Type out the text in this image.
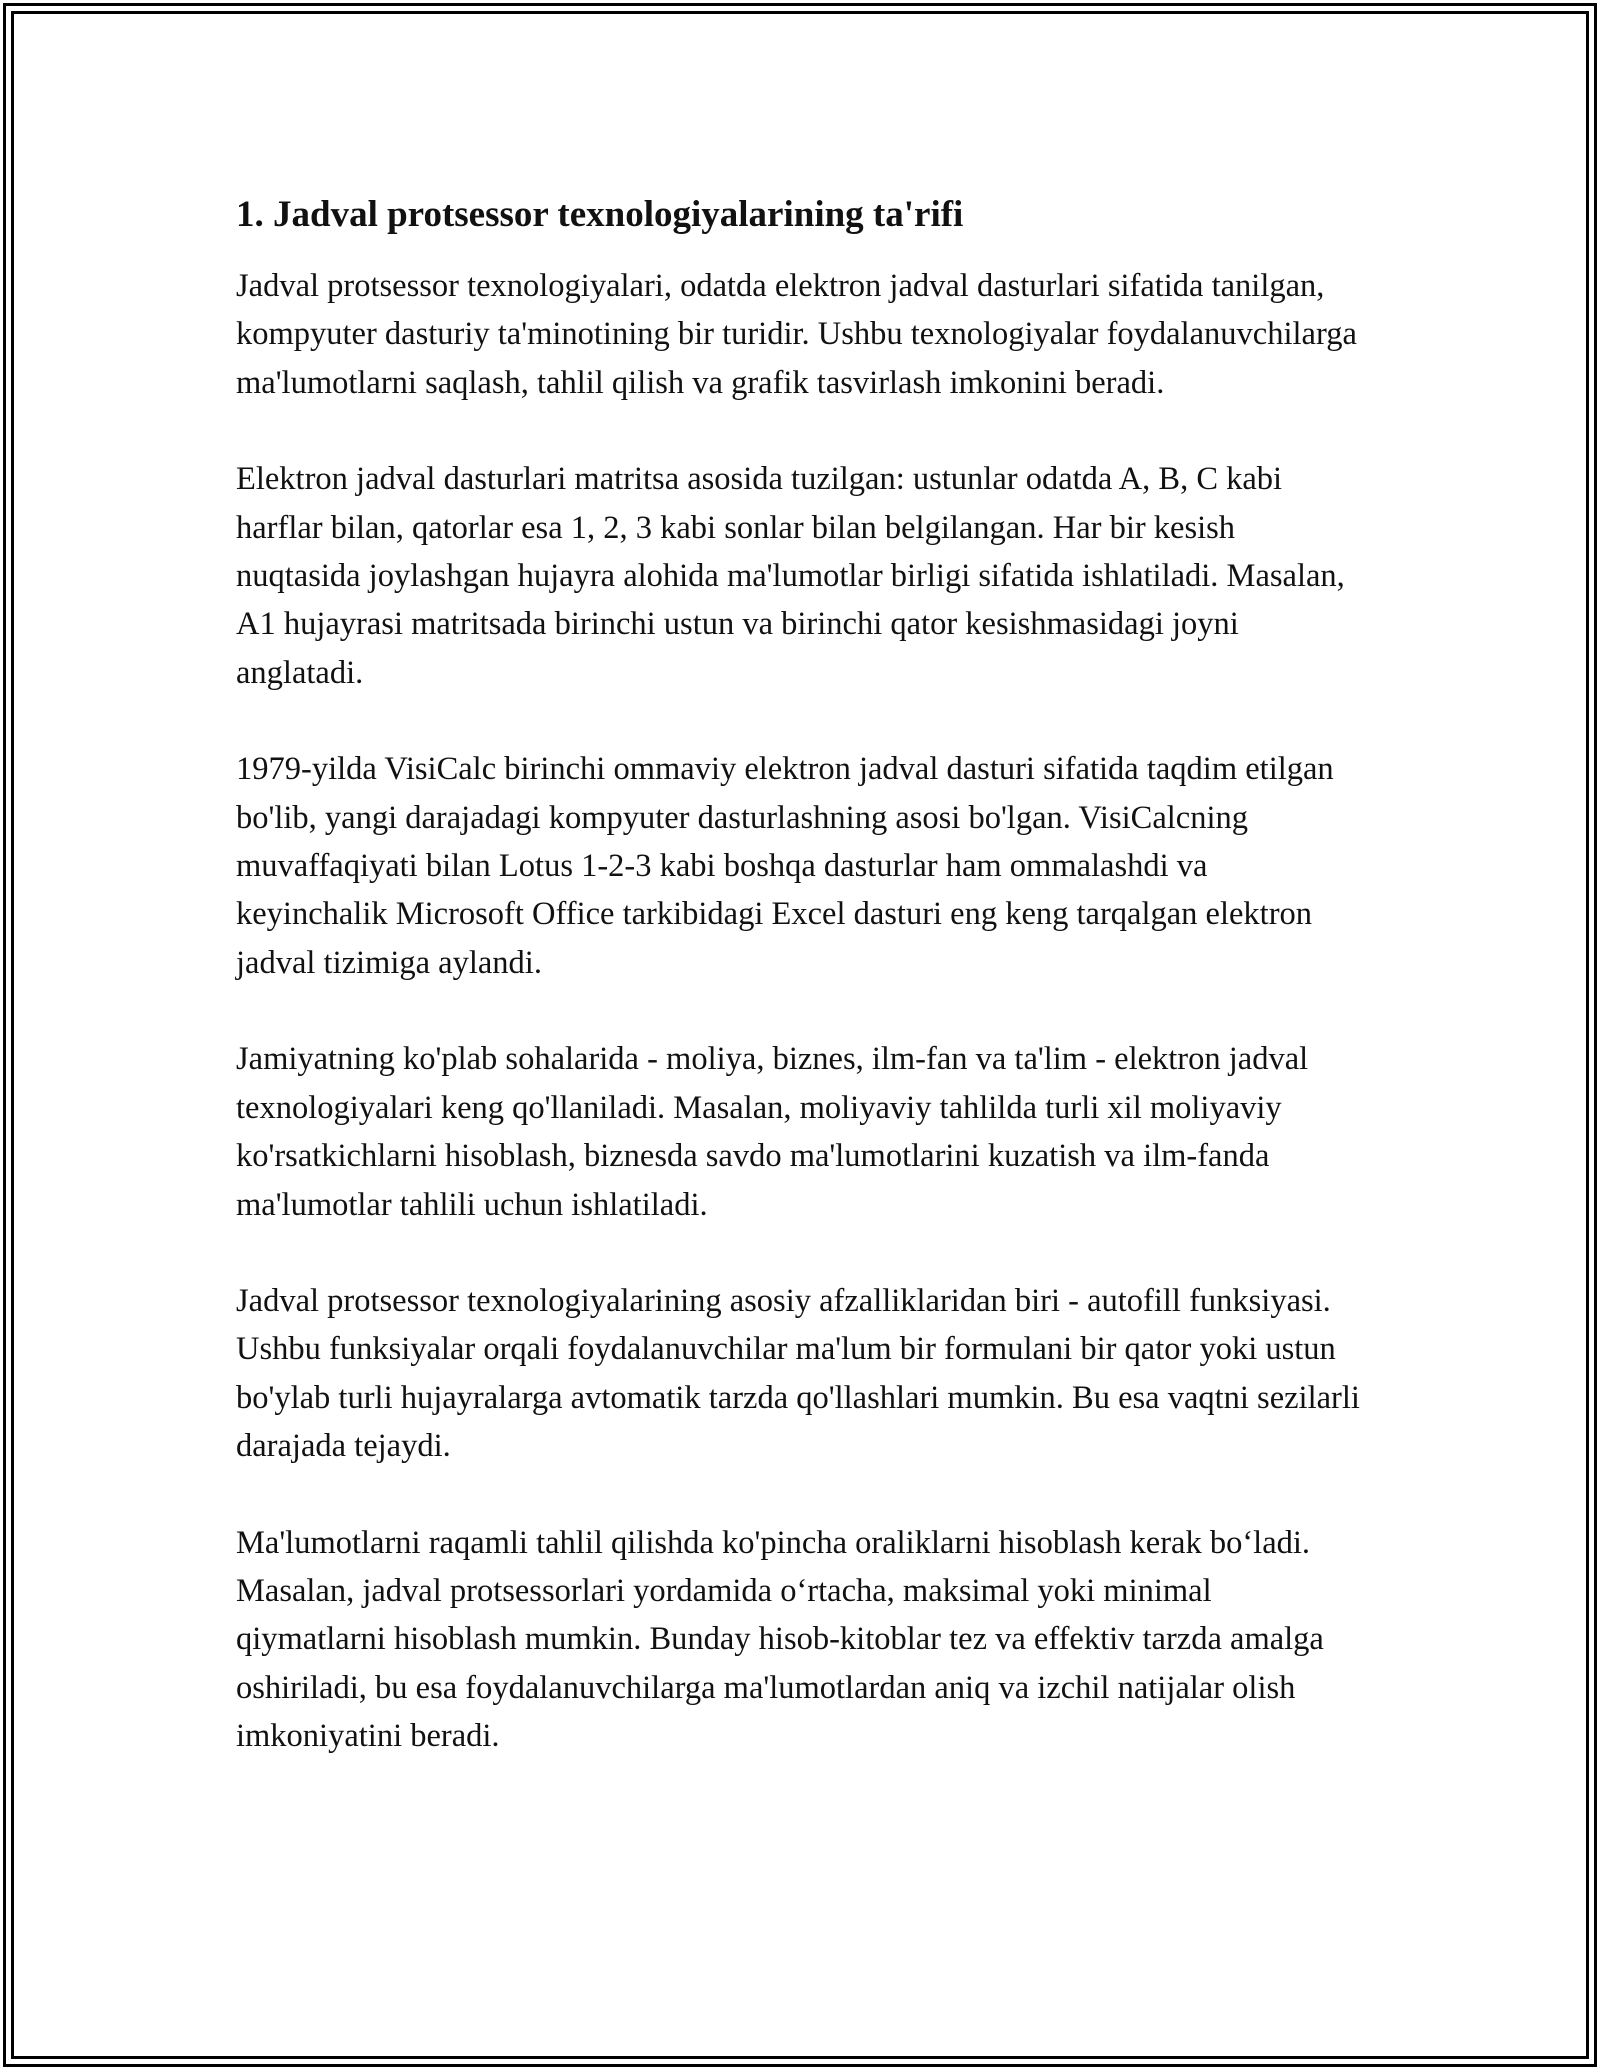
1. Jadval protsessor texnologiyalarining ta'rifi

Jadval protsessor texnologiyalari, odatda elektron jadval dasturlari sifatida tanilgan, kompyuter dasturiy ta'minotining bir turidir. Ushbu texnologiyalar foydalanuvchilarga ma'lumotlarni saqlash, tahlil qilish va grafik tasvirlash imkonini beradi.

Elektron jadval dasturlari matritsa asosida tuzilgan: ustunlar odatda A, B, C kabi harflar bilan, qatorlar esa 1, 2, 3 kabi sonlar bilan belgilangan. Har bir kesish nuqtasida joylashgan hujayra alohida ma'lumotlar birligi sifatida ishlatiladi. Masalan, A1 hujayrasi matritsada birinchi ustun va birinchi qator kesishmasidagi joyni anglatadi.

1979-yilda VisiCalc birinchi ommaviy elektron jadval dasturi sifatida taqdim etilgan bo'lib, yangi darajadagi kompyuter dasturlashning asosi bo'lgan. VisiCalcning muvaffaqiyati bilan Lotus 1-2-3 kabi boshqa dasturlar ham ommalashdi va keyinchalik Microsoft Office tarkibidagi Excel dasturi eng keng tarqalgan elektron jadval tizimiga aylandi.

Jamiyatning ko'plab sohalarida - moliya, biznes, ilm-fan va ta'lim - elektron jadval texnologiyalari keng qo'llaniladi. Masalan, moliyaviy tahlilda turli xil moliyaviy ko'rsatkichlarni hisoblash, biznesda savdo ma'lumotlarini kuzatish va ilm-fanda ma'lumotlar tahlili uchun ishlatiladi.

Jadval protsessor texnologiyalarining asosiy afzalliklaridan biri - autofill funksiyasi. Ushbu funksiyalar orqali foydalanuvchilar ma'lum bir formulani bir qator yoki ustun bo'ylab turli hujayralarga avtomatik tarzda qo'llashlari mumkin. Bu esa vaqtni sezilarli darajada tejaydi.

Ma'lumotlarni raqamli tahlil qilishda ko'pincha oraliklarni hisoblash kerak bo‘ladi. Masalan, jadval protsessorlari yordamida o‘rtacha, maksimal yoki minimal qiymatlarni hisoblash mumkin. Bunday hisob-kitoblar tez va effektiv tarzda amalga oshiriladi, bu esa foydalanuvchilarga ma'lumotlardan aniq va izchil natijalar olish imkoniyatini beradi.
